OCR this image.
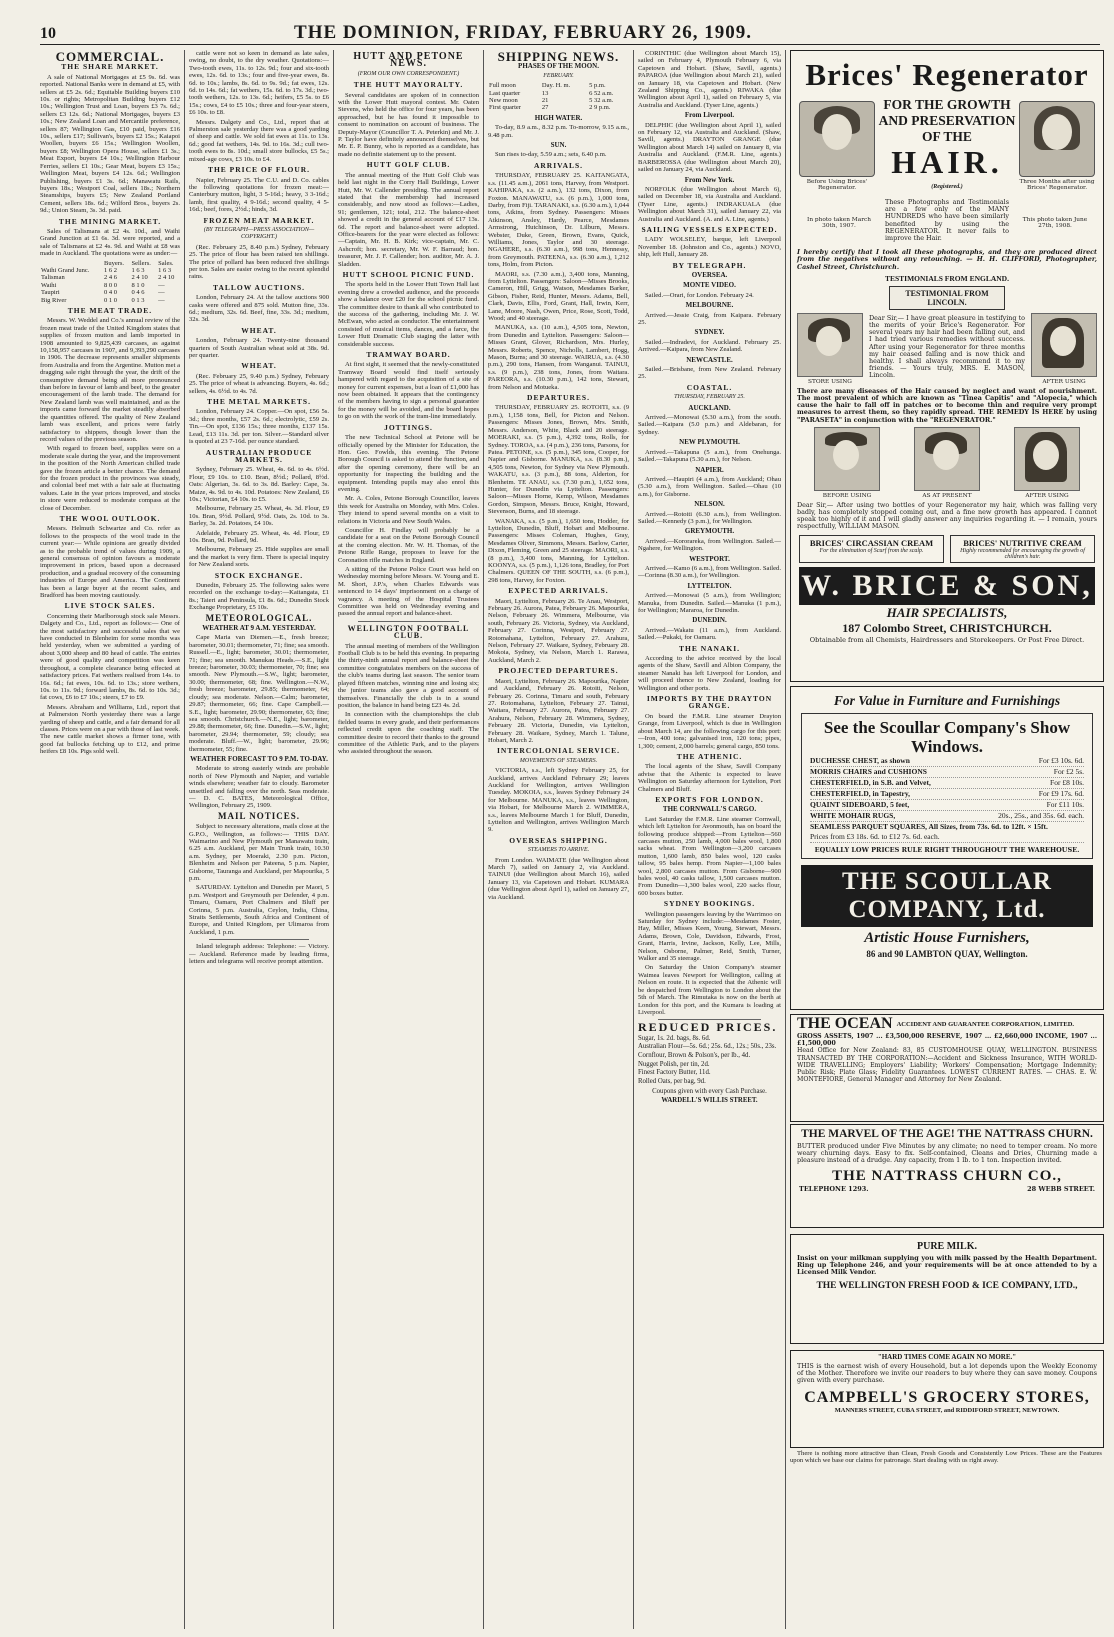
10	THE DOMINION, FRIDAY, FEBRUARY 26, 1909.
COMMERCIAL.
THE SHARE MARKET.

A sale of National Mortgages at £5 9s. 6d. was reported. National Banks were in demand at £5, with sellers at £5 2s. 6d.; Equitable Building buyers £10 10s. or rights; Metropolitan Building buyers £12 10s.; Wellington Trust and Loan, buyers £3 7s. 6d.; sellers £3 12s. 6d.; National Mortgages, buyers £3 10s.; New Zealand Loan and Mercantile preference, sellers 87; Wellington Gas, £10 paid, buyers £16 10s., sellers £17; Sullivan's, buyers £2 15s.; Kaiapoi Woollen, buyers £6 15s.; Wellington Woollen, buyers £8; Wellington Opera House, sellers £1 3s.; Meat Export, buyers £4 10s.; Wellington Harbour Ferries, sellers £1 10s.; Gear Meat, buyers £3 15s.; Wellington Meat, buyers £4 12s. 6d.; Wellington Publishing, buyers £1 3s. 6d.; Manawatu Rails, buyers 18s.; Westport Coal, sellers 18s.; Northern Steamships, buyers £5; New Zealand Portland Cement, sellers 18s. 6d.; Wilford Bros., buyers 2s. 9d.; Union Steam, 3s. 3d. paid.

THE MINING MARKET.

Sales of Talismans at £2 4s. 10d., and Waihi Grand Junction at £1 6s. 3d. were reported, and a sale of Talismans at £2 4s. 9d. and Waihi at £8 was made in Auckland. The quotations were as under:—

	Buyers.	Sellers.	Sales.
Waihi Grand Junc.	1 6 2	1 6 3	1 6 3
Talisman	2 4 6	2 4 10	2 4 10
Waihi	8 0 0	8 1 0	—
Taupiri	0 4 0	0 4 6	—
Big River	0 1 0	0 1 3	—
THE MEAT TRADE.

Messrs. W. Weddel and Co.'s annual review of the frozen meat trade of the United Kingdom states that supplies of frozen mutton and lamb imported in 1908 amounted to 9,825,439 carcases, as against 10,158,957 carcases in 1907, and 9,393,290 carcases in 1906. The decrease represents smaller shipments from Australia and from the Argentine. Mutton met a dragging sale right through the year, the drift of the consumptive demand being all more pronounced than before in favour of lamb and beef, to the greater encouragement of the lamb trade. The demand for New Zealand lamb was well maintained, and as the imports came forward the market steadily absorbed the quantities offered. The quality of New Zealand lamb was excellent, and prices were fairly satisfactory to shippers, though lower than the record values of the previous season.

With regard to frozen beef, supplies were on a moderate scale during the year, and the improvement in the position of the North American chilled trade gave the frozen article a better chance. The demand for the frozen product in the provinces was steady, and colonial beef met with a fair sale at fluctuating values. Late in the year prices improved, and stocks in store were reduced to moderate compass at the close of December.

THE WOOL OUTLOOK.

Messrs. Helmuth Schwartze and Co. refer as follows to the prospects of the wool trade in the current year:— While opinions are greatly divided as to the probable trend of values during 1909, a general consensus of opinion favours a moderate improvement in prices, based upon a decreased production, and a gradual recovery of the consuming industries of Europe and America. The Continent has been a large buyer at the recent sales, and Bradford has been moving cautiously.

LIVE STOCK SALES.

Concerning their Marlborough stock sale Messrs. Dalgety and Co., Ltd., report as follows:— One of the most satisfactory and successful sales that we have conducted in Blenheim for some months was held yesterday, when we submitted a yarding of about 3,000 sheep and 80 head of cattle. The entries were of good quality and competition was keen throughout, a complete clearance being effected at satisfactory prices. Fat wethers realised from 14s. to 16s. 6d.; fat ewes, 10s. 6d. to 13s.; store wethers, 10s. to 11s. 9d.; forward lambs, 8s. 6d. to 10s. 3d.; fat cows, £6 to £7 10s.; steers, £7 to £9.

Messrs. Abraham and Williams, Ltd., report that at Palmerston North yesterday there was a large yarding of sheep and cattle, and a fair demand for all classes. Prices were on a par with those of last week. The new cattle market shows a firmer tone, with good fat bullocks fetching up to £12, and prime heifers £8 10s. Pigs sold well.

cattle were not so keen in demand as late sales, owing, no doubt, to the dry weather. Quotations:—Two-tooth ewes, 11s. to 12s. 9d.; four and six-tooth ewes, 12s. 6d. to 13s.; four and five-year ewes, 8s. 6d. to 10s.; lambs, 8s. 6d. to 9s. 9d.; fat ewes, 12s. 6d. to 14s. 6d.; fat wethers, 15s. 6d. to 17s. 3d.; two-tooth wethers, 12s. to 13s. 6d.; heifers, £5 5s. to £6 15s.; cows, £4 to £5 10s.; three and four-year steers, £6 10s. to £8.

Messrs. Dalgety and Co., Ltd., report that at Palmerston sale yesterday there was a good yarding of sheep and cattle. We sold fat ewes at 11s. to 13s. 6d.; good fat wethers, 14s. 9d. to 16s. 3d.; cull two-tooth ewes to 8s. 10d.; small store bullocks, £5 5s.; mixed-age cows, £3 10s. to £4.

THE PRICE OF FLOUR.

Napier, February 25. The C.U. and D. Co. cables the following quotations for frozen meat:—Canterbury mutton, light, 3 5-16d.; heavy, 3 3-16d.; lamb, first quality, 4 9-16d.; second quality, 4 5-16d.; beef, fores, 2½d.; hinds, 3d.

FROZEN MEAT MARKET.
(BY TELEGRAPH—PRESS ASSOCIATION—COPYRIGHT.)

(Rec. February 25, 8.40 p.m.) Sydney, February 25. The price of flour has been raised ten shillings. The price of pollard has been reduced five shillings per ton. Sales are easier owing to the recent splendid rains.

TALLOW AUCTIONS.

London, February 24. At the tallow auctions 900 casks were offered and 875 sold. Mutton fine, 33s. 6d.; medium, 32s. 6d. Beef, fine, 33s. 3d.; medium, 32s. 3d.

WHEAT.

London, February 24. Twenty-nine thousand quarters of South Australian wheat sold at 38s. 9d. per quarter.

WHEAT.

(Rec. February 25, 9.40 p.m.) Sydney, February 25. The price of wheat is advancing. Buyers, 4s. 6d.; sellers, 4s. 6½d. to 4s. 7d.

THE METAL MARKETS.

London, February 24. Copper.—On spot, £56 5s. 3d.; three months, £57 2s. 6d.; electrolytic, £59 2s. Tin.—On spot, £136 15s.; three months, £137 15s. Lead, £13 11s. 3d. per ton. Silver.—Standard silver is quoted at 23 7-16d. per ounce standard.

AUSTRALIAN PRODUCE MARKETS.

Sydney, February 25. Wheat, 4s. 6d. to 4s. 6½d. Flour, £9 10s. to £10. Bran, 8½d.; Pollard, 8½d. Oats: Algerian, 3s. 6d. to 3s. 8d. Barley: Cape, 3s. Maize, 4s. 9d. to 4s. 10d. Potatoes: New Zealand, £6 10s.; Victorian, £4 10s. to £5.

Melbourne, February 25. Wheat, 4s. 3d. Flour, £9 10s. Bran, 9½d. Pollard, 9½d. Oats, 2s. 10d. to 3s. Barley, 3s. 2d. Potatoes, £4 10s.

Adelaide, February 25. Wheat, 4s. 4d. Flour, £9 10s. Bran, 9d. Pollard, 9d.

Melbourne, February 25. Hide supplies are small and the market is very firm. There is special inquiry for New Zealand sorts.

STOCK EXCHANGE.

Dunedin, February 25. The following sales were recorded on the exchange to-day:—Kaitangata, £1 8s.; Taieri and Peninsula, £1 8s. 6d.; Dunedin Stock Exchange Proprietary, £5 10s.

METEOROLOGICAL.
WEATHER AT 9 A.M. YESTERDAY.

Cape Maria van Diemen.—E., fresh breeze; barometer, 30.01; thermometer, 71; fine; sea smooth. Russell.—E., light; barometer, 30.01; thermometer, 71; fine; sea smooth. Manukau Heads.—S.E., light breeze; barometer, 30.03; thermometer, 70; fine; sea smooth. New Plymouth.—S.W., light; barometer, 30.00; thermometer, 68; fine. Wellington.—N.W., fresh breeze; barometer, 29.85; thermometer, 64; cloudy; sea moderate. Nelson.—Calm; barometer, 29.87; thermometer, 66; fine. Cape Campbell.—S.E., light; barometer, 29.90; thermometer, 63; fine; sea smooth. Christchurch.—N.E., light; barometer, 29.88; thermometer, 66; fine. Dunedin.—S.W., light; barometer, 29.94; thermometer, 59; cloudy; sea moderate. Bluff.—W., light; barometer, 29.96; thermometer, 55; fine.

WEATHER FORECAST TO 9 P.M. TO-DAY.

Moderate to strong easterly winds are probable north of New Plymouth and Napier, and variable winds elsewhere; weather fair to cloudy. Barometer unsettled and falling over the north. Seas moderate. — D. C. BATES, Meteorological Office, Wellington, February 25, 1909.

MAIL NOTICES.

Subject to necessary alterations, mails close at the G.P.O., Wellington, as follows:— THIS DAY. Waimarino and New Plymouth per Manawatu train, 6.25 a.m. Auckland, per Main Trunk train, 10.30 a.m. Sydney, per Moeraki, 2.30 p.m. Picton, Blenheim and Nelson per Pateena, 5 p.m. Napier, Gisborne, Tauranga and Auckland, per Mapourika, 5 p.m.

SATURDAY. Lyttelton and Dunedin per Maori, 5 p.m. Westport and Greymouth per Defender, 4 p.m. Timaru, Oamaru, Port Chalmers and Bluff per Corinna, 5 p.m. Australia, Ceylon, India, China, Straits Settlements, South Africa and Continent of Europe, and United Kingdom, per Ulimaroa from Auckland, 1 p.m.

Inland telegraph address: Telephone: — Victory. — Auckland. Reference made by leading firms, letters and telegrams will receive prompt attention.

HUTT AND PETONE NEWS.
(FROM OUR OWN CORRESPONDENT.)
THE HUTT MAYORALTY.

Several candidates are spoken of in connection with the Lower Hutt mayoral contest. Mr. Oaten Stevens, who held the office for four years, has been approached, but he has found it impossible to consent to nomination on account of business. The Deputy-Mayor (Councillor T. A. Peterkin) and Mr. J. P. Taylor have definitely announced themselves, but Mr. E. P. Bunny, who is reported as a candidate, has made no definite statement up to the present.

HUTT GOLF CLUB.

The annual meeting of the Hutt Golf Club was held last night in the Corry Hall Buildings, Lower Hutt, Mr. W. Callender presiding. The annual report stated that the membership had increased considerably, and now stood as follows:—Ladies, 91; gentlemen, 121; total, 212. The balance-sheet showed a credit in the general account of £17 13s. 6d. The report and balance-sheet were adopted. Office-bearers for the year were elected as follows:—Captain, Mr. H. B. Kirk; vice-captain, Mr. C. Ashcroft; hon. secretary, Mr. W. F. Barraud; hon. treasurer, Mr. J. F. Callender; hon. auditor, Mr. A. J. Sladden.

HUTT SCHOOL PICNIC FUND.

The sports held in the Lower Hutt Town Hall last evening drew a crowded audience, and the proceeds show a balance over £20 for the school picnic fund. The committee desire to thank all who contributed to the success of the gathering, including Mr. J. W. McEwan, who acted as conductor. The entertainment consisted of musical items, dances, and a farce, the Lower Hutt Dramatic Club staging the latter with considerable success.

TRAMWAY BOARD.

At first sight, it seemed that the newly-constituted Tramway Board would find itself seriously hampered with regard to the acquisition of a site of money for current expenses, but a loan of £1,000 has now been obtained. It appears that the contingency of the members having to sign a personal guarantee for the money will be avoided, and the board hopes to go on with the work of the tram-line immediately.

JOTTINGS.

The new Technical School at Petone will be officially opened by the Minister for Education, the Hon. Geo. Fowlds, this evening. The Petone Borough Council is asked to attend the function, and after the opening ceremony, there will be an opportunity for inspecting the building and the equipment. Intending pupils may also enrol this evening.

Mr. A. Coles, Petone Borough Councillor, leaves this week for Australia on Monday, with Mrs. Coles. They intend to spend several months on a visit to relations in Victoria and New South Wales.

Councillor H. Findlay will probably be a candidate for a seat on the Petone Borough Council at the coming election. Mr. W. H. Thomas, of the Petone Rifle Range, proposes to leave for the Coronation rifle matches in England.

A sitting of the Petone Police Court was held on Wednesday morning before Messrs. W. Young and E. M. Short, J.P.'s, when Charles Edwards was sentenced to 14 days' imprisonment on a charge of vagrancy. A meeting of the Hospital Trustees Committee was held on Wednesday evening and passed the annual report and balance-sheet.

WELLINGTON FOOTBALL CLUB.

The annual meeting of members of the Wellington Football Club is to be held this evening. In preparing the thirty-ninth annual report and balance-sheet the committee congratulates members on the success of the club's teams during last season. The senior team played fifteen matches, winning nine and losing six; the junior teams also gave a good account of themselves. Financially the club is in a sound position, the balance in hand being £23 4s. 2d.

In connection with the championships the club fielded teams in every grade, and their performances reflected credit upon the coaching staff. The committee desire to record their thanks to the ground committee of the Athletic Park, and to the players who assisted throughout the season.

SHIPPING NEWS.
PHASES OF THE MOON.
FEBRUARY.
Full moon	Day. H. m.	5 p.m.
Last quarter	13	6 52 a.m.
New moon	21	5 32 a.m.
First quarter	27	2 9 p.m.
HIGH WATER.

To-day, 8.9 a.m., 8.32 p.m. To-morrow, 9.15 a.m., 9.48 p.m.

SUN.

Sun rises to-day, 5.59 a.m.; sets, 6.40 p.m.

ARRIVALS.

THURSDAY, FEBRUARY 25. KAITANGATA, s.s. (11.45 a.m.), 2061 tons, Harvey, from Westport. KAHIPAKA, s.s. (2 a.m.), 132 tons, Dixon, from Foxton. MANAWATU, s.s. (6 p.m.), 1,000 tons, Darby, from Fiji. TARANAKI, s.s. (6.30 a.m.), 1,044 tons, Atkins, from Sydney. Passengers: Misses Atkinson, Ansley, Hardy, Pearce, Mesdames Armstrong, Hutchinson, Dr. Lilburn, Messrs. Webster, Duke, Green, Brown, Evans, Quick, Williams, Jones, Taylor and 30 steerage. NGAHERE, s.s. (6.30 a.m.), 998 tons, Hennessy, from Greymouth. PATEENA, s.s. (6.30 a.m.), 1,212 tons, Holm, from Picton.

MAORI, s.s. (7.30 a.m.), 3,400 tons, Manning, from Lyttelton. Passengers: Saloon—Misses Brooks, Cameron, Hill, Grigg, Watson, Mesdames Barker, Gibson, Fisher, Reid, Hunter, Messrs. Adams, Bell, Clark, Davis, Ellis, Ford, Grant, Hall, Irwin, Kerr, Lane, Moore, Nash, Owen, Price, Rose, Scott, Todd, Wood; and 40 steerage.

MANUKA, s.s. (10 a.m.), 4,505 tons, Newton, from Dunedin and Lyttelton. Passengers: Saloon—Misses Grant, Glover, Richardson, Mrs. Hurley, Messrs. Roberts, Spence, Nicholls, Lambert, Hogg, Mason, Burns; and 30 steerage. WAIRUA, s.s. (4.30 p.m.), 290 tons, Hansen, from Wanganui. TAINUI, s.s. (9 p.m.), 238 tons, Jones, from Waitara. PAREORA, s.s. (10.30 p.m.), 142 tons, Stewart, from Nelson and Motueka.

DEPARTURES.

THURSDAY, FEBRUARY 25. ROTOITI, s.s. (9 p.m.), 1,158 tons, Bell, for Picton and Nelson. Passengers: Misses Jones, Brown, Mrs. Smith, Messrs. Anderson, White, Black and 20 steerage. MOERAKI, s.s. (5 p.m.), 4,392 tons, Rolls, for Sydney. TOROA, s.s. (4 p.m.), 236 tons, Parsons, for Patea. PETONE, s.s. (5 p.m.), 345 tons, Cooper, for Napier and Gisborne. MANUKA, s.s. (8.30 p.m.), 4,505 tons, Newton, for Sydney via New Plymouth. WAKATU, s.s. (3 p.m.), 88 tons, Alderton, for Blenheim. TE ANAU, s.s. (7.30 p.m.), 1,652 tons, Hunter, for Dunedin via Lyttelton. Passengers: Saloon—Misses Horne, Kemp, Wilson, Mesdames Gordon, Simpson, Messrs. Bruce, Knight, Howard, Stevenson, Burns, and 18 steerage.

WANAKA, s.s. (5 p.m.), 1,650 tons, Hodder, for Lyttelton, Dunedin, Bluff, Hobart and Melbourne. Passengers: Misses Coleman, Hughes, Gray, Mesdames Oliver, Simmons, Messrs. Barlow, Carter, Dixon, Fleming, Green and 25 steerage. MAORI, s.s. (8 p.m.), 3,400 tons, Manning, for Lyttelton. KOONYA, s.s. (5 p.m.), 1,126 tons, Bradley, for Port Chalmers. QUEEN OF THE SOUTH, s.s. (6 p.m.), 298 tons, Harvey, for Foxton.

EXPECTED ARRIVALS.

Maori, Lyttelton, February 26. Te Anau, Westport, February 26. Aurora, Patea, February 26. Mapourika, Nelson, February 26. Wimmera, Melbourne, via south, February 26. Victoria, Sydney, via Auckland, February 27. Corinna, Westport, February 27. Rotomahana, Lyttelton, February 27. Arahura, Nelson, February 27. Waikare, Sydney, February 28. Mokoia, Sydney, via Nelson, March 1. Rarawa, Auckland, March 2.

PROJECTED DEPARTURES.

Maori, Lyttelton, February 26. Mapourika, Napier and Auckland, February 26. Rotoiti, Nelson, February 26. Corinna, Timaru and south, February 27. Rotomahana, Lyttelton, February 27. Tainui, Waitara, February 27. Aurora, Patea, February 27. Arahura, Nelson, February 28. Wimmera, Sydney, February 28. Victoria, Dunedin, via Lyttelton, February 28. Waikare, Sydney, March 1. Talune, Hobart, March 2.

INTERCOLONIAL SERVICE.
MOVEMENTS OF STEAMERS.

VICTORIA, s.s., left Sydney February 25, for Auckland, arrives Auckland February 29; leaves Auckland for Wellington, arrives Wellington Tuesday. MOKOIA, s.s., leaves Sydney February 24 for Melbourne. MANUKA, s.s., leaves Wellington, via Hobart, for Melbourne March 2. WIMMERA, s.s., leaves Melbourne March 1 for Bluff, Dunedin, Lyttelton and Wellington, arrives Wellington March 9.

OVERSEAS SHIPPING.
STEAMERS TO ARRIVE.

From London. WAIMATE (due Wellington about March 7), sailed on January 2, via Auckland. TAINUI (due Wellington about March 16), sailed January 13, via Capetown and Hobart. KUMARA (due Wellington about April 1), sailed on January 27, via Auckland.

CORINTHIC (due Wellington about March 15), sailed on February 4, Plymouth February 6, via Capetown and Hobart. (Shaw, Savill, agents.) PAPAROA (due Wellington about March 21), sailed on January 18, via Capetown and Hobart. (New Zealand Shipping Co., agents.) RIWAKA (due Wellington about April 1), sailed on February 5, via Australia and Auckland. (Tyser Line, agents.)

From Liverpool.

DELPHIC (due Wellington about April 1), sailed on February 12, via Australia and Auckland. (Shaw, Savill, agents.) DRAYTON GRANGE (due Wellington about March 14) sailed on January 8, via Australia and Auckland. (F.M.R. Line, agents.) BARBEROSSA (due Wellington about March 20), sailed on January 24, via Auckland.

From New York.

NORFOLK (due Wellington about March 6), sailed on December 18, via Australia and Auckland. (Tyser Line, agents.) INDRAKUALA (due Wellington about March 31), sailed January 22, via Australia and Auckland. (A. and A. Line, agents.)

SAILING VESSELS EXPECTED.

LADY WOLSELEY, barque, left Liverpool November 18. (Johnston and Co., agents.) NOVO, ship, left Hull, January 28.

BY TELEGRAPH.
OVERSEA.
MONTE VIDEO.

Sailed.—Orari, for London. February 24.

MELBOURNE.

Arrived.—Jessie Craig, from Kaipara. February 25.

SYDNEY.

Sailed.—Indradevi, for Auckland. February 25. Arrived.—Kaipara, from New Zealand.

NEWCASTLE.

Sailed.—Brisbane, from New Zealand. February 25.

COASTAL.
THURSDAY, FEBRUARY 25.
AUCKLAND.

Arrived.—Monowai (5.30 a.m.), from the south. Sailed.—Kaipara (5.0 p.m.) and Aldebaran, for Sydney.

NEW PLYMOUTH.

Arrived.—Takapuna (5 a.m.), from Onehunga. Sailed.—Takapuna (5.30 a.m.), for Nelson.

NAPIER.

Arrived.—Haupiri (4 a.m.), from Auckland; Ohau (5.30 a.m.), from Wellington. Sailed.—Ohau (10 a.m.), for Gisborne.

NELSON.

Arrived.—Rotoiti (6.30 a.m.), from Wellington. Sailed.—Kennedy (3 p.m.), for Wellington.

GREYMOUTH.

Arrived.—Kororareka, from Wellington. Sailed.—Ngahere, for Wellington.

WESTPORT.

Arrived.—Kamo (6 a.m.), from Wellington. Sailed.—Corinna (8.30 a.m.), for Wellington.

LYTTELTON.

Arrived.—Monowai (5 a.m.), from Wellington; Manuka, from Dunedin. Sailed.—Manuka (1 p.m.), for Wellington; Mararoa, for Dunedin.

DUNEDIN.

Arrived.—Wakatu (11 a.m.), from Auckland. Sailed.—Pukaki, for Oamaru.

THE NANAKI.

According to the advice received by the local agents of the Shaw, Savill and Albion Company, the steamer Nanaki has left Liverpool for London, and will proceed thence to New Zealand, loading for Wellington and other ports.

IMPORTS BY THE DRAYTON GRANGE.

On board the F.M.R. Line steamer Drayton Grange, from Liverpool, which is due in Wellington about March 14, are the following cargo for this port:—Iron, 400 tons; galvanised iron, 120 tons; pipes, 1,300; cement, 2,000 barrels; general cargo, 850 tons.

THE ATHENIC.

The local agents of the Shaw, Savill Company advise that the Athenic is expected to leave Wellington on Saturday afternoon for Lyttelton, Port Chalmers and Bluff.

EXPORTS FOR LONDON.
THE CORNWALL'S CARGO.

Last Saturday the F.M.R. Line steamer Cornwall, which left Lyttelton for Avonmouth, has on board the following produce shipped:—From Lyttelton—560 carcases mutton, 250 lamb, 4,000 bales wool, 1,800 sacks wheat. From Wellington—3,200 carcases mutton, 1,600 lamb, 850 bales wool, 120 casks tallow, 95 bales hemp. From Napier—1,100 bales wool, 2,800 carcases mutton. From Gisborne—900 bales wool, 40 casks tallow, 1,500 carcases mutton. From Dunedin—1,300 bales wool, 220 sacks flour, 600 boxes butter.

SYDNEY BOOKINGS.

Wellington passengers leaving by the Warrimoo on Saturday for Sydney include:—Mesdames Foster, Hay, Miller, Misses Keen, Young, Stewart, Messrs. Adams, Brown, Cole, Davidson, Edwards, Frost, Grant, Harris, Irvine, Jackson, Kelly, Lee, Mills, Nelson, Osborne, Palmer, Reid, Smith, Turner, Walker and 35 steerage.

On Saturday the Union Company's steamer Waimea leaves Newport for Wellington, calling at Nelson en route. It is expected that the Athenic will be despatched from Wellington to London about the 5th of March. The Rimutaka is now on the berth at London for this port, and the Kumara is loading at Liverpool.

REDUCED PRICES.
Sugar, 1s. 2d. bags, 8s. 6d.
Australian Flour—5s. 6d.; 25s. 6d., 12s.; 50s., 23s.
Cornflour, Brown & Polson's, per lb., 4d.
Nugget Polish, per tin, 2d.
Finest Factory Butter, 11d.
Rolled Oats, per bag, 9d.
Coupons given with every Cash Purchase.
WARDELL'S WILLIS STREET.
Brices' Regenerator
Before Using Brices' Regenerator.
FOR THE GROWTH AND PRESERVATION OF THE
HAIR.
(Registered.)
Three Months after using Brices' Regenerator.
In photo taken March 30th, 1907.
These Photographs and Testimonials are a few only of the MANY HUNDREDS who have been similarly benefited by using the REGENERATOR. It never fails to improve the Hair.
This photo taken June 27th, 1908.
I hereby certify that I took all these photographs, and they are produced direct from the negatives without any retouching. — H. H. CLIFFORD, Photographer, Cashel Street, Christchurch.
TESTIMONIALS FROM ENGLAND.
TESTIMONIAL FROM LINCOLN.
STORE USING
Dear Sir,— I have great pleasure in testifying to the merits of your Brice's Regenerator. For several years my hair had been falling out, and I had tried various remedies without success. After using your Regenerator for three months my hair ceased falling and is now thick and healthy. I shall always recommend it to my friends. — Yours truly, MRS. E. MASON, Lincoln.
AFTER USING
There are many diseases of the Hair caused by neglect and want of nourishment. The most prevalent of which are known as "Tinea Capitis" and "Alopecia," which cause the hair to fall off in patches or to become thin and require very prompt measures to arrest them, so they rapidly spread. THE REMEDY IS HERE by using "PARASETA" in conjunction with the "REGENERATOR."
BEFORE USING	AS AT PRESENT	AFTER USING
Dear Sir,— After using two bottles of your Regenerator my hair, which was falling very badly, has completely stopped coming out, and a fine new growth has appeared. I cannot speak too highly of it and I will gladly answer any inquiries regarding it. — I remain, yours respectfully, WILLIAM MASON.
BRICES' CIRCASSIAN CREAM
For the elimination of Scurf from the scalp.
BRICES' NUTRITIVE CREAM
Highly recommended for encouraging the growth of children's hair.
W. BRICE & SON,
HAIR SPECIALISTS,
187 Colombo Street, CHRISTCHURCH.
Obtainable from all Chemists, Hairdressers and Storekeepers. Or Post Free Direct.
For Value in Furniture and Furnishings
See the Scoullar Company's Show Windows.
DUCHESSE CHEST, as shown	For £3 10s. 6d.
MORRIS CHAIRS and CUSHIONS	For £2 5s.
CHESTERFIELD, in S.B. and Velvet,	For £8 10s.
CHESTERFIELD, in Tapestry,	For £9 17s. 6d.
QUAINT SIDEBOARD, 5 feet,	For £11 10s.
WHITE MOHAIR RUGS,	20s., 25s., and 35s. 6d. each.
SEAMLESS PARQUET SQUARES, All Sizes, from 73s. 6d. to 12ft. × 15ft.
Prices from £3 18s. 6d. to £12 7s. 6d. each.
EQUALLY LOW PRICES RULE RIGHT THROUGHOUT THE WAREHOUSE.
THE SCOULLAR COMPANY, Ltd.
Artistic House Furnishers,
86 and 90 LAMBTON QUAY, Wellington.
THE OCEAN ACCIDENT AND GUARANTEE CORPORATION, LIMITED.
GROSS ASSETS, 1907 ... £3,500,000 RESERVE, 1907 ... £2,660,000 INCOME, 1907 ... £1,500,000
Head Office for New Zealand: 83, 85 CUSTOMHOUSE QUAY, WELLINGTON. BUSINESS TRANSACTED BY THE CORPORATION:—Accident and Sickness Insurance, WITH WORLD-WIDE TRAVELLING; Employers' Liability; Workers' Compensation; Mortgage Indemnity; Public Risk; Plate Glass; Fidelity Guarantees. LOWEST CURRENT RATES. — CHAS. E. W. MONTEFIORE, General Manager and Attorney for New Zealand.
THE MARVEL OF THE AGE! THE NATTRASS CHURN.
BUTTER produced under Five Minutes by any climate; no need to temper cream. No more weary churning days. Easy to fix. Self-contained, Cleans and Dries, Churning made a pleasure instead of a drudge. Any capacity, from 1 lb. to 1 ton. Inspection invited.
THE NATTRASS CHURN CO.,
TELEPHONE 1293.	28 WEBB STREET.
PURE MILK.
Insist on your milkman supplying you with milk passed by the Health Department. Ring up Telephone 246, and your requirements will be at once attended to by a Licensed Milk Vendor.
THE WELLINGTON FRESH FOOD & ICE COMPANY, LTD.,
"HARD TIMES COME AGAIN NO MORE."
THIS is the earnest wish of every Household, but a lot depends upon the Weekly Economy of the Mother. Therefore we invite our readers to buy where they can save money. Coupons given with every purchase.
CAMPBELL'S GROCERY STORES,
MANNERS STREET, CUBA STREET, and RIDDIFORD STREET, NEWTOWN.

There is nothing more attractive than Clean, Fresh Goods and Consistently Low Prices. These are the Features upon which we base our claims for patronage. Start dealing with us right away.
